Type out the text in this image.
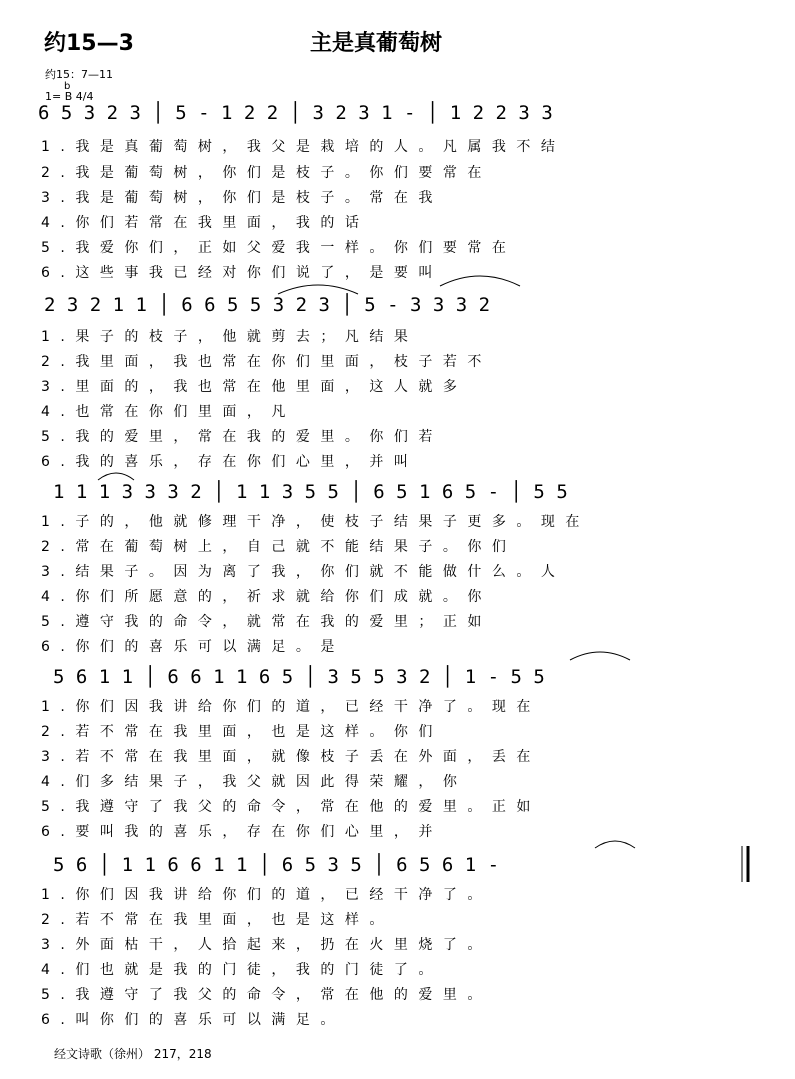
约15—3	主是真葡萄树
约15：7—11
b
1= B 4/4
6 5 3 2 3 │ 5 - 1 2 2 │ 3 2 3 1 - │ 1 2 2 3 3
1.我是真葡萄树，我父是栽培的人。凡属我不结
2.我是葡萄树，你们是枝子。你们要常在
3.我是葡萄树，你们是枝子。常在我
4.你们若常在我里面，我的话
5.我爱你们，正如父爱我一样。你们要常在
6.这些事我已经对你们说了，是要叫
2 3 2 1 1 │ 6 6 5 5 3 2 3 │ 5 - 3 3 3 2
1.果子的枝子，他就剪去；凡结果
2.我里面，我也常在你们里面，枝子若不
3.里面的，我也常在他里面，这人就多
4.也常在你们里面，凡
5.我的爱里，常在我的爱里。你们若
6.我的喜乐，存在你们心里，并叫
1 1 1 3 3 3 2 │ 1 1 3 5 5 │ 6 5 1 6 5 - │ 5 5
1.子的，他就修理干净，使枝子结果子更多。现在
2.常在葡萄树上，自己就不能结果子。你们
3.结果子。因为离了我，你们就不能做什么。人
4.你们所愿意的，祈求就给你们成就。你
5.遵守我的命令，就常在我的爱里；正如
6.你们的喜乐可以满足。是
5 6 1 1 │ 6 6 1 1 6 5 │ 3 5 5 3 2 │ 1 - 5 5
1.你们因我讲给你们的道，已经干净了。现在
2.若不常在我里面，也是这样。你们
3.若不常在我里面，就像枝子丢在外面，丢在
4.们多结果子，我父就因此得荣耀，你
5.我遵守了我父的命令，常在他的爱里。正如
6.要叫我的喜乐，存在你们心里，并
5 6 │ 1 1 6 6 1 1 │ 6 5 3 5 │ 6 5 6 1 -
1.你们因我讲给你们的道，已经干净了。
2.若不常在我里面，也是这样。
3.外面枯干，人拾起来，扔在火里烧了。
4.们也就是我的门徒，我的门徒了。
5.我遵守了我父的命令，常在他的爱里。
6.叫你们的喜乐可以满足。
经文诗歌（徐州） 217，218
